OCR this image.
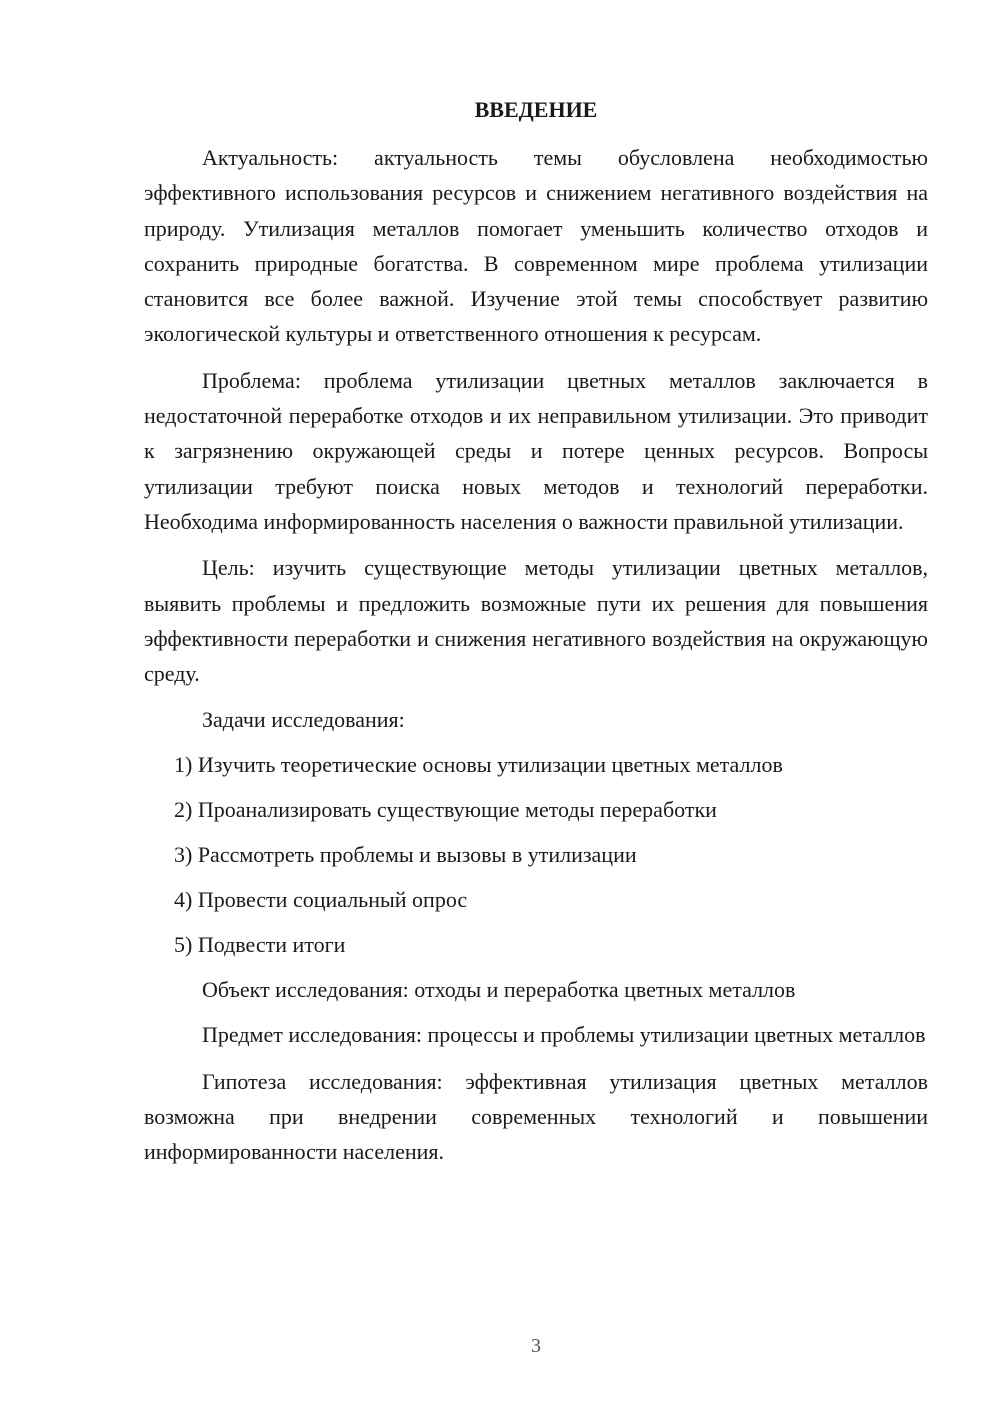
ВВЕДЕНИЕ

Актуальность: актуальность темы обусловлена необходимостью эффективного использования ресурсов и снижением негативного воздействия на природу. Утилизация металлов помогает уменьшить количество отходов и сохранить природные богатства. В современном мире проблема утилизации становится все более важной. Изучение этой темы способствует развитию экологической культуры и ответственного отношения к ресурсам.

Проблема: проблема утилизации цветных металлов заключается в недостаточной переработке отходов и их неправильном утилизации. Это приводит к загрязнению окружающей среды и потере ценных ресурсов. Вопросы утилизации требуют поиска новых методов и технологий переработки. Необходима информированность населения о важности правильной утилизации.

Цель: изучить существующие методы утилизации цветных металлов, выявить проблемы и предложить возможные пути их решения для повышения эффективности переработки и снижения негативного воздействия на окружающую среду.

Задачи исследования:

1) Изучить теоретические основы утилизации цветных металлов

2) Проанализировать существующие методы переработки

3) Рассмотреть проблемы и вызовы в утилизации

4) Провести социальный опрос

5) Подвести итоги

Объект исследования: отходы и переработка цветных металлов

Предмет исследования: процессы и проблемы утилизации цветных металлов

Гипотеза исследования: эффективная утилизация цветных металлов возможна при внедрении современных технологий и повышении информированности населения.

3
